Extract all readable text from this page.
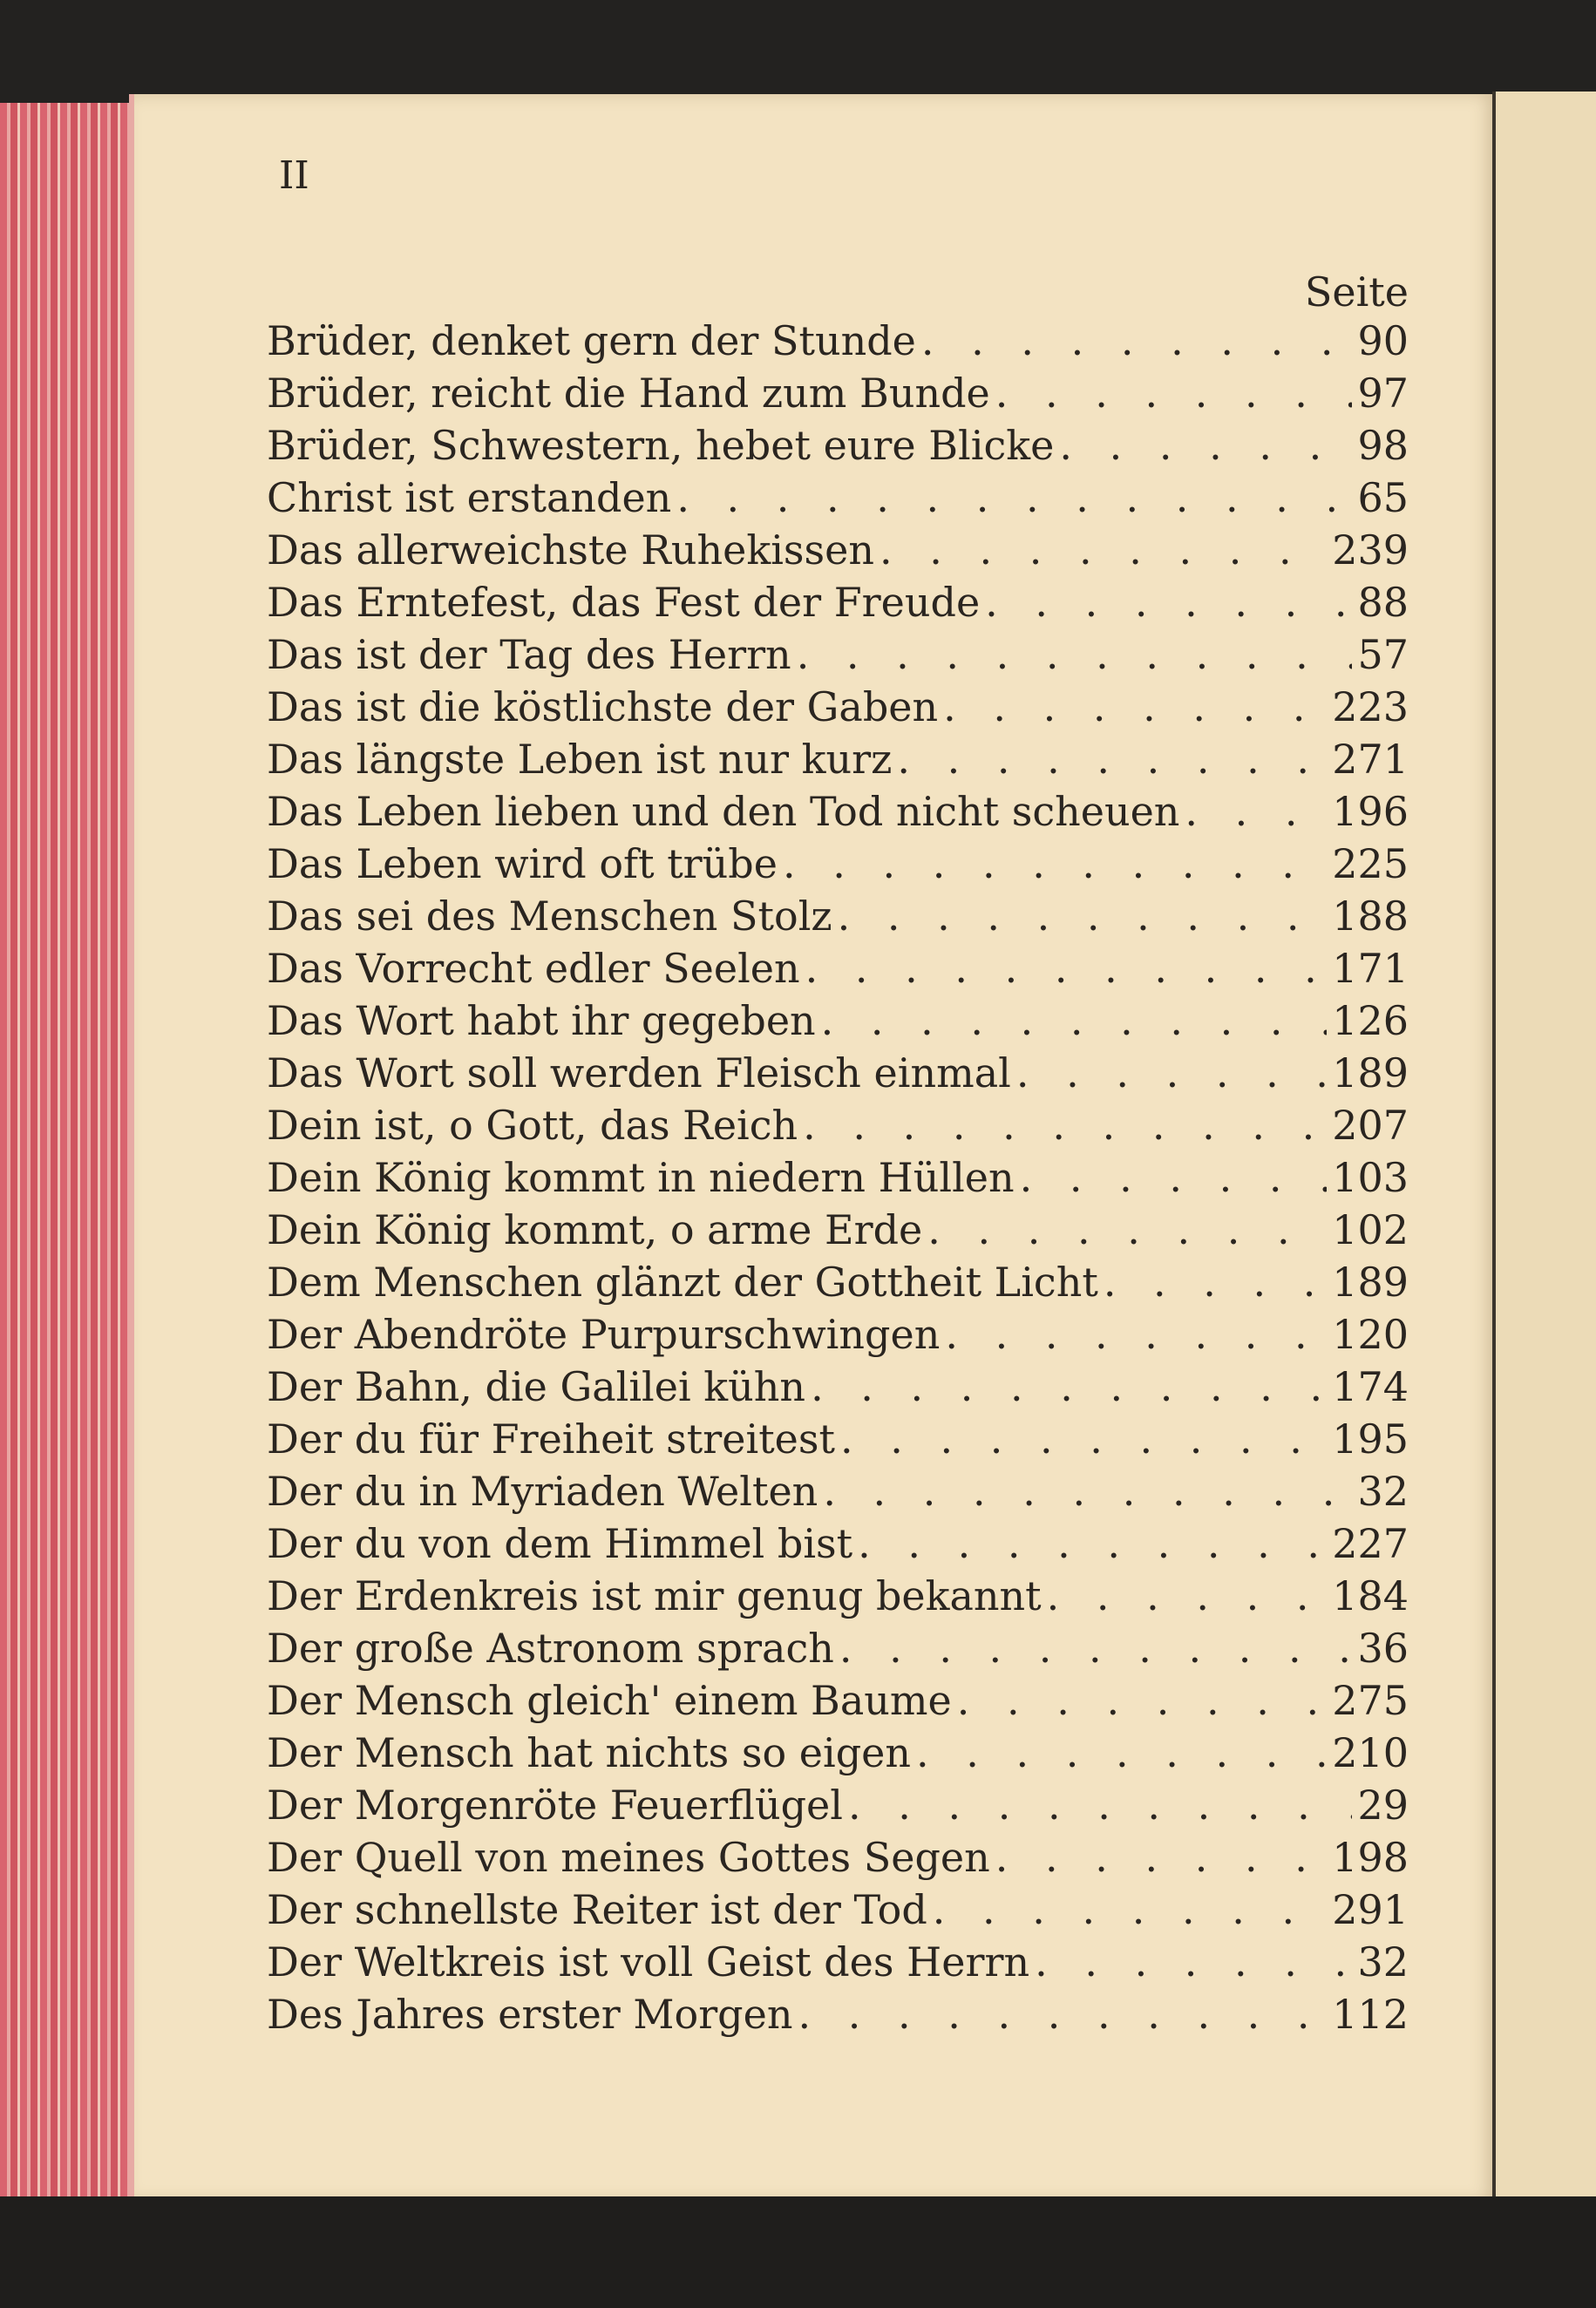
II
Seite
Brüder, denket gern der Stunde . . .	90
Brüder, reicht die Hand zum Bunde . . .	97
Brüder, Schwestern, hebet eure Blicke . . .	98
Christ ist erstanden . . .	65
Das allerweichste Ruhekissen . . .	239
Das Erntefest, das Fest der Freude . . .	88
Das ist der Tag des Herrn . . .	57
Das ist die köstlichste der Gaben . . .	223
Das längste Leben ist nur kurz . . .	271
Das Leben lieben und den Tod nicht scheuen . . .	196
Das Leben wird oft trübe . . .	225
Das sei des Menschen Stolz . . .	188
Das Vorrecht edler Seelen . . .	171
Das Wort habt ihr gegeben . . .	126
Das Wort soll werden Fleisch einmal . . .	189
Dein ist, o Gott, das Reich . . .	207
Dein König kommt in niedern Hüllen . . .	103
Dein König kommt, o arme Erde . . .	102
Dem Menschen glänzt der Gottheit Licht . . .	189
Der Abendröte Purpurschwingen . . .	120
Der Bahn, die Galilei kühn . . .	174
Der du für Freiheit streitest . . .	195
Der du in Myriaden Welten . . .	32
Der du von dem Himmel bist . . .	227
Der Erdenkreis ist mir genug bekannt . . .	184
Der große Astronom sprach . . .	36
Der Mensch gleich' einem Baume . . .	275
Der Mensch hat nichts so eigen . . .	210
Der Morgenröte Feuerflügel . . .	29
Der Quell von meines Gottes Segen . . .	198
Der schnellste Reiter ist der Tod . . .	291
Der Weltkreis ist voll Geist des Herrn . . .	32
Des Jahres erster Morgen . . .	112
